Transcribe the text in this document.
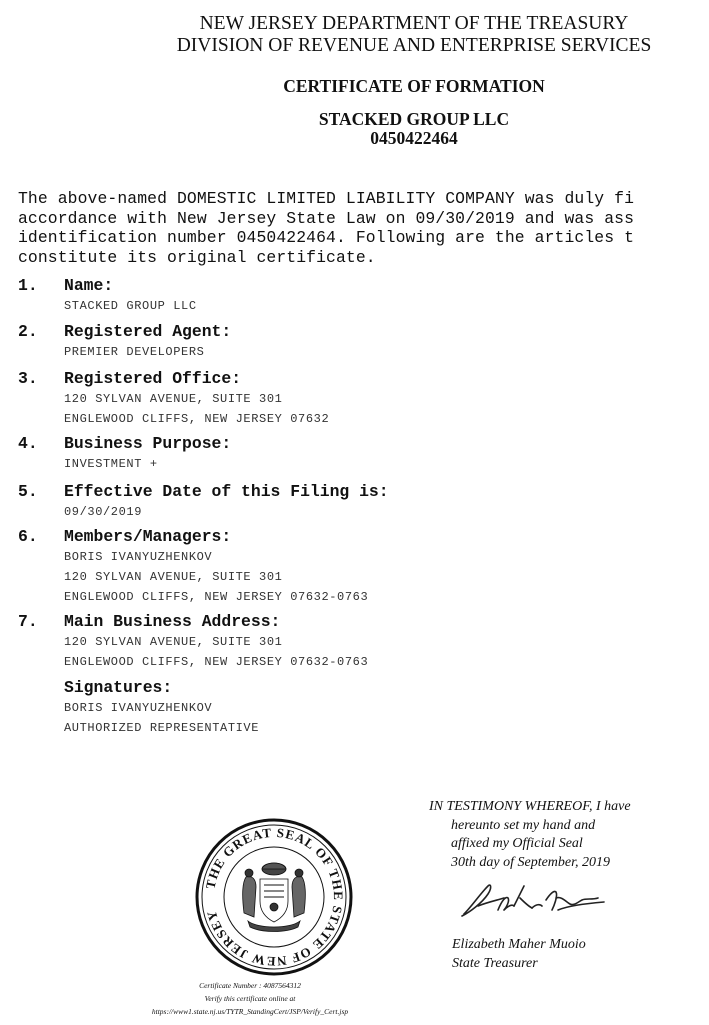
NEW JERSEY DEPARTMENT OF THE TREASURY
DIVISION OF REVENUE AND ENTERPRISE SERVICES
CERTIFICATE OF FORMATION
STACKED GROUP LLC
0450422464
The above-named DOMESTIC LIMITED LIABILITY COMPANY was duly fi
accordance with New Jersey State Law on 09/30/2019 and was ass
identification number 0450422464. Following are the articles t
constitute its original certificate.
1. Name:
STACKED GROUP LLC
2. Registered Agent:
PREMIER DEVELOPERS
3. Registered Office:
120 SYLVAN AVENUE, SUITE 301
ENGLEWOOD CLIFFS, NEW JERSEY 07632
4. Business Purpose:
INVESTMENT +
5. Effective Date of this Filing is:
09/30/2019
6. Members/Managers:
BORIS IVANYUZHENKOV
120 SYLVAN AVENUE, SUITE 301
ENGLEWOOD CLIFFS, NEW JERSEY 07632-0763
7. Main Business Address:
120 SYLVAN AVENUE, SUITE 301
ENGLEWOOD CLIFFS, NEW JERSEY 07632-0763
Signatures:
BORIS IVANYUZHENKOV
AUTHORIZED REPRESENTATIVE
IN TESTIMONY WHEREOF, I have
hereunto set my hand and
affixed my Official Seal
30th day of September, 2019
Elizabeth Maher Muoio
State Treasurer
THE GREAT SEAL OF THE STATE OF NEW JERSEY
Certificate Number : 4087564312
Verify this certificate online at
https://www1.state.nj.us/TYTR_StandingCert/JSP/Verify_Cert.jsp
